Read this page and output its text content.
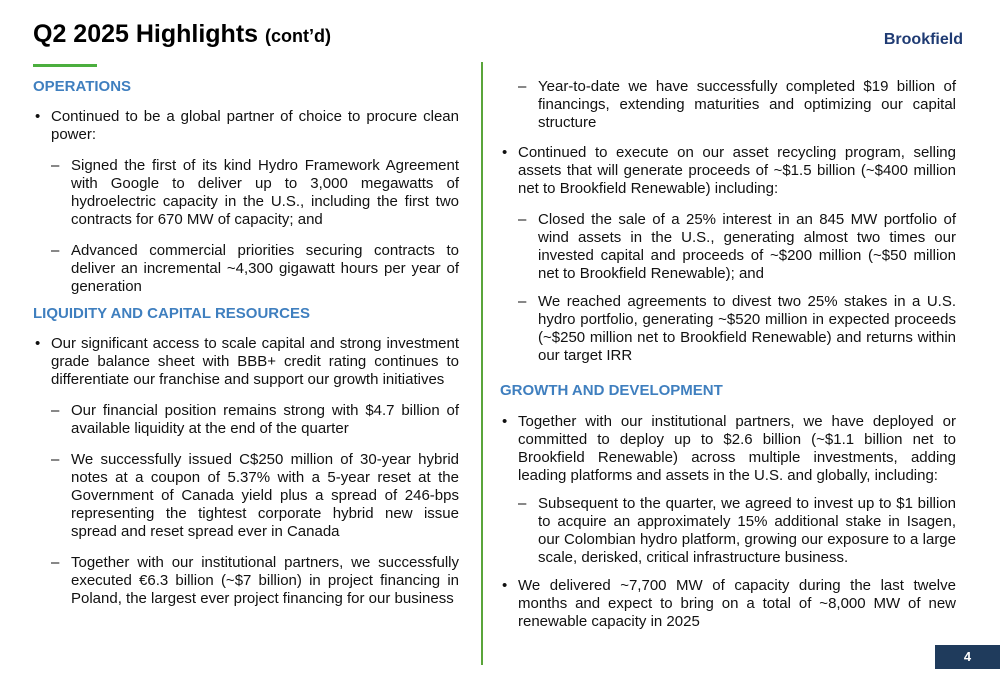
Q2 2025 Highlights (cont’d)	Brookfield
OPERATIONS
• Continued to be a global partner of choice to procure clean power:
– Signed the first of its kind Hydro Framework Agreement with Google to deliver up to 3,000 megawatts of hydroelectric capacity in the U.S., including the first two contracts for 670 MW of capacity; and
– Advanced commercial priorities securing contracts to deliver an incremental ~4,300 gigawatt hours per year of generation
LIQUIDITY AND CAPITAL RESOURCES
• Our significant access to scale capital and strong investment grade balance sheet with BBB+ credit rating continues to differentiate our franchise and support our growth initiatives
– Our financial position remains strong with $4.7 billion of available liquidity at the end of the quarter
– We successfully issued C$250 million of 30-year hybrid notes at a coupon of 5.37% with a 5-year reset at the Government of Canada yield plus a spread of 246-bps representing the tightest corporate hybrid new issue spread and reset spread ever in Canada
– Together with our institutional partners, we successfully executed €6.3 billion (~$7 billion) in project financing in Poland, the largest ever project financing for our business
– Year-to-date we have successfully completed $19 billion of financings, extending maturities and optimizing our capital structure
• Continued to execute on our asset recycling program, selling assets that will generate proceeds of ~$1.5 billion (~$400 million net to Brookfield Renewable) including:
– Closed the sale of a 25% interest in an 845 MW portfolio of wind assets in the U.S., generating almost two times our invested capital and proceeds of ~$200 million (~$50 million net to Brookfield Renewable); and
– We reached agreements to divest two 25% stakes in a U.S. hydro portfolio, generating ~$520 million in expected proceeds (~$250 million net to Brookfield Renewable) and returns within our target IRR
GROWTH AND DEVELOPMENT
• Together with our institutional partners, we have deployed or committed to deploy up to $2.6 billion (~$1.1 billion net to Brookfield Renewable) across multiple investments, adding leading platforms and assets in the U.S. and globally, including:
– Subsequent to the quarter, we agreed to invest up to $1 billion to acquire an approximately 15% additional stake in Isagen, our Colombian hydro platform, growing our exposure to a large scale, derisked, critical infrastructure business.
• We delivered ~7,700 MW of capacity during the last twelve months and expect to bring on a total of ~8,000 MW of new renewable capacity in 2025
4
